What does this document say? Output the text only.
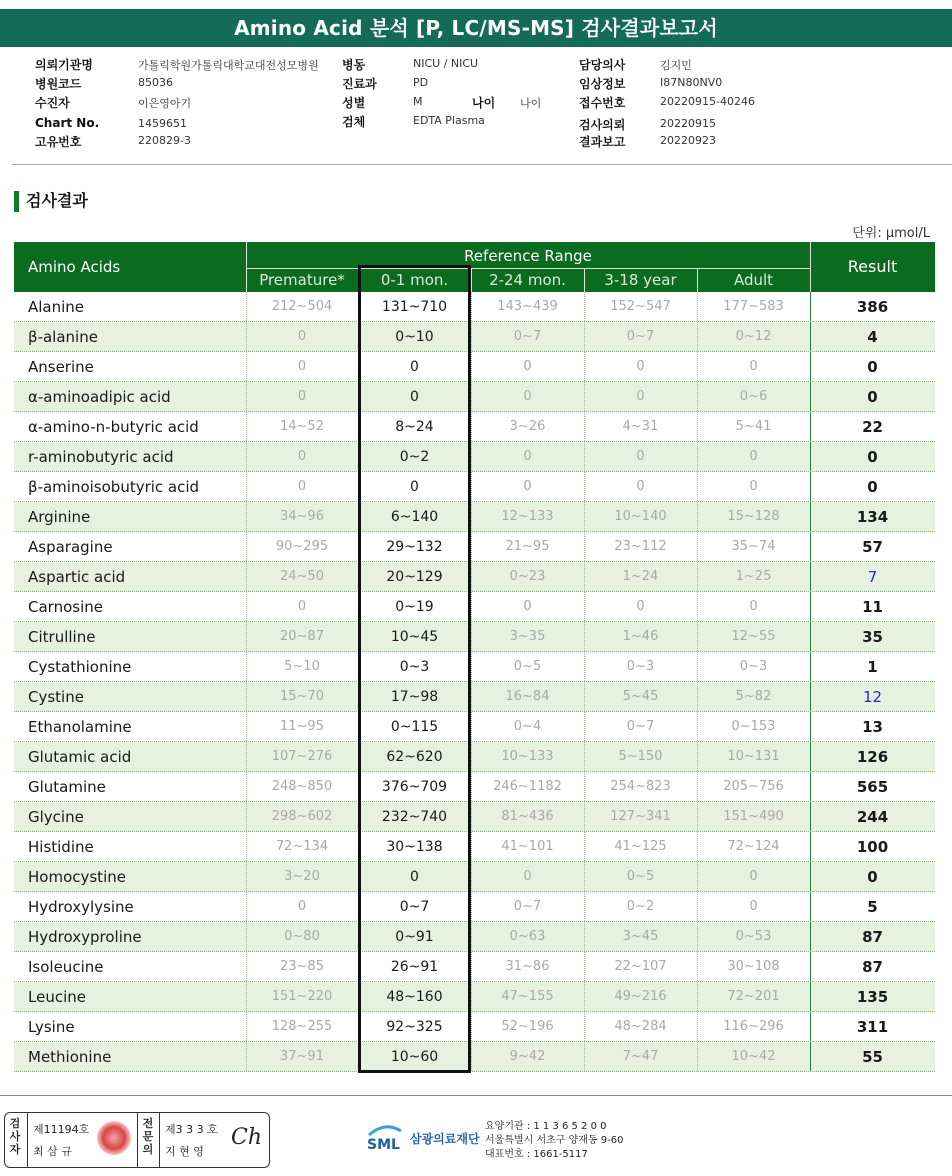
Amino Acid 분석 [P, LC/MS-MS] 검사결과보고서
의뢰기관명	가톨릭학원가톨릭대학교대전성모병원 병동	NICU / NICU	담당의사	김지민
병원코드	85036	진료과	PD	임상정보	I87N80NV0
수진자	이은영아기	성별	M	나이 나이	접수번호	20220915-40246
Chart No.	1459651	검체	EDTA Plasma	검사의뢰	20220915
고유번호	220829-3	결과보고	20220923
검사결과
단위: μmol/L
Amino Acids
Reference Range
Result
Premature*	0-1 mon.	2-24 mon.	3-18 year	Adult
Alanine	212~504	131~710	143~439	152~547	177~583	386
β-alanine	0	0~10	0~7	0~7	0~12	4
Anserine	0	0	0	0	0	0
α-aminoadipic acid	0	0	0	0	0~6	0
α-amino-n-butyric acid	14~52	8~24	3~26	4~31	5~41	22
r-aminobutyric acid	0	0~2	0	0	0	0
β-aminoisobutyric acid	0	0	0	0	0	0
Arginine	34~96	6~140	12~133	10~140	15~128	134
Asparagine	90~295	29~132	21~95	23~112	35~74	57
Aspartic acid	24~50	20~129	0~23	1~24	1~25	7
Carnosine	0	0~19	0	0	0	11
Citrulline	20~87	10~45	3~35	1~46	12~55	35
Cystathionine	5~10	0~3	0~5	0~3	0~3	1
Cystine	15~70	17~98	16~84	5~45	5~82	12
Ethanolamine	11~95	0~115	0~4	0~7	0~153	13
Glutamic acid	107~276	62~620	10~133	5~150	10~131	126
Glutamine	248~850	376~709	246~1182	254~823	205~756	565
Glycine	298~602	232~740	81~436	127~341	151~490	244
Histidine	72~134	30~138	41~101	41~125	72~124	100
Homocystine	3~20	0	0	0~5	0	0
Hydroxylysine	0	0~7	0~7	0~2	0	5
Hydroxyproline	0~80	0~91	0~63	3~45	0~53	87
Isoleucine	23~85	26~91	31~86	22~107	30~108	87
Leucine	151~220	48~160	47~155	49~216	72~201	135
Lysine	128~255	92~325	52~196	48~284	116~296	311
Methionine	37~91	10~60	9~42	7~47	10~42	55
검사자
제11194호
최 삼 규
전문의
제3 3 3 호
지 현 영
Ch	SML 삼광의료재단
요양기관 : 1 1 3 6 5 2 0 0
서울특별시 서초구 양재동 9-60
대표번호 : 1661-5117
